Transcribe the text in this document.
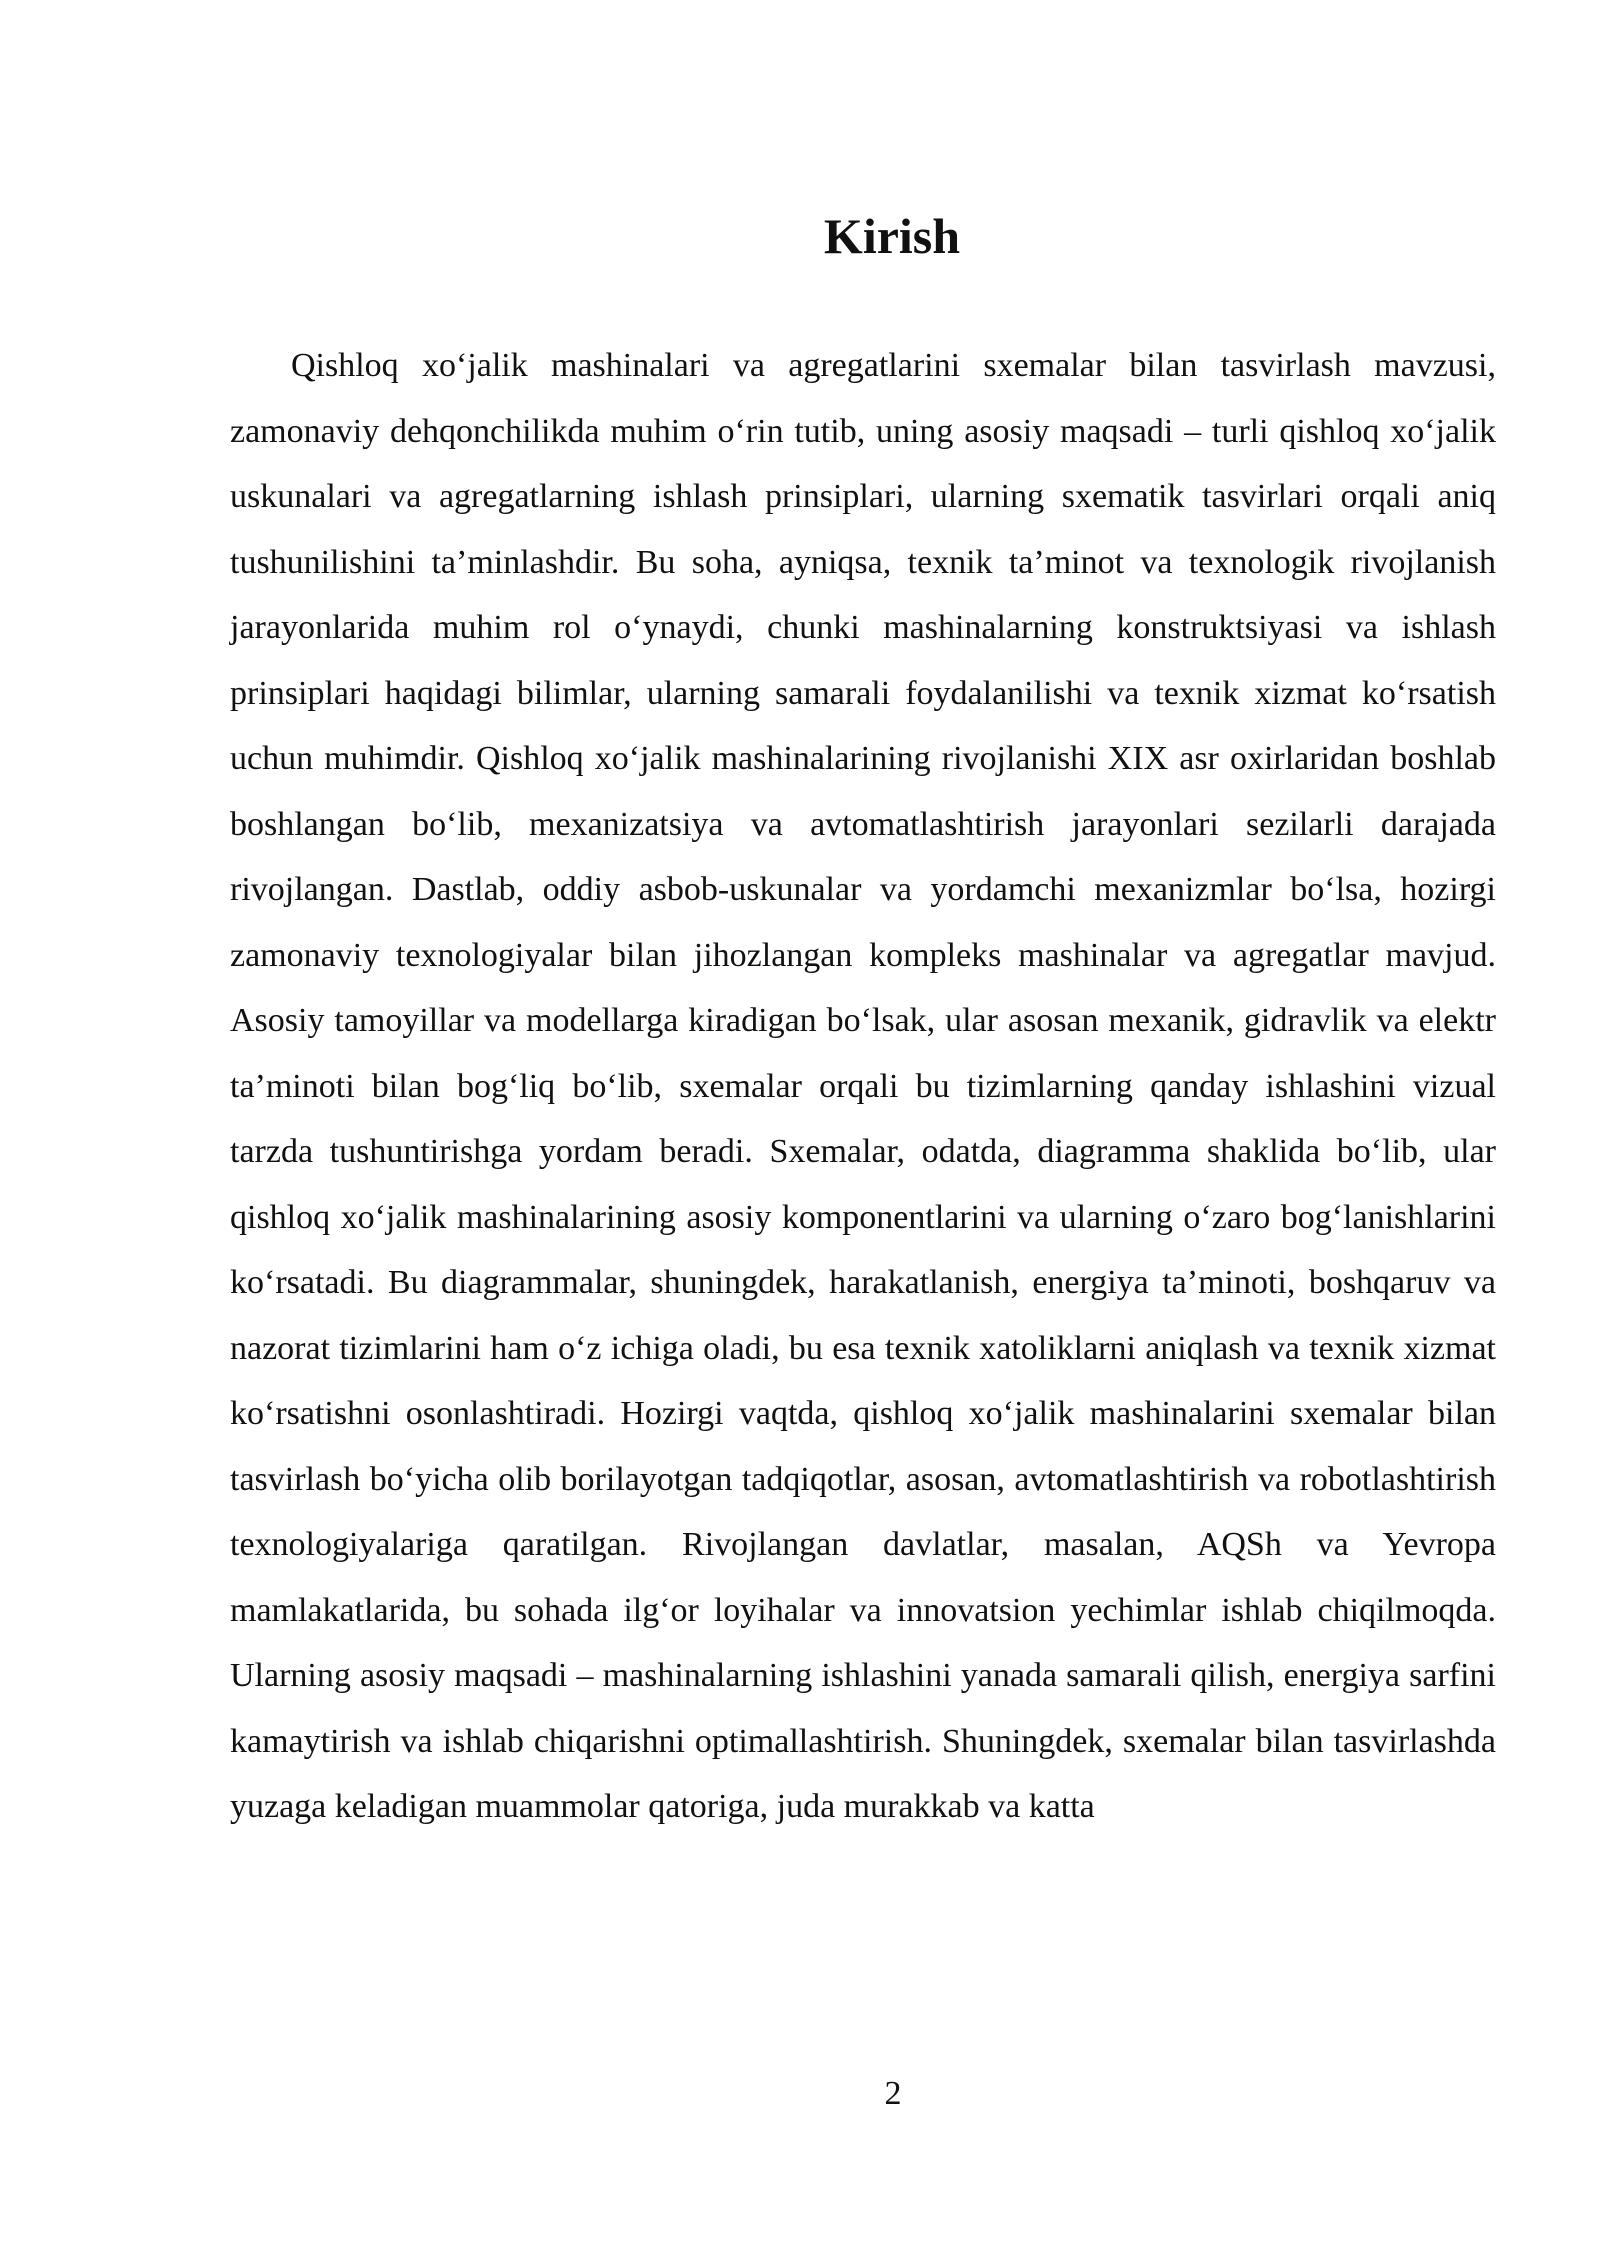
Kirish

Qishloq xo‘jalik mashinalari va agregatlarini sxemalar bilan tasvirlash mavzusi, zamonaviy dehqonchilikda muhim o‘rin tutib, uning asosiy maqsadi – turli qishloq xo‘jalik uskunalari va agregatlarning ishlash prinsiplari, ularning sxematik tasvirlari orqali aniq tushunilishini ta’minlashdir. Bu soha, ayniqsa, texnik ta’minot va texnologik rivojlanish jarayonlarida muhim rol o‘ynaydi, chunki mashinalarning konstruktsiyasi va ishlash prinsiplari haqidagi bilimlar, ularning samarali foydalanilishi va texnik xizmat ko‘rsatish uchun muhimdir. Qishloq xo‘jalik mashinalarining rivojlanishi XIX asr oxirlaridan boshlab boshlangan bo‘lib, mexanizatsiya va avtomatlashtirish jarayonlari sezilarli darajada rivojlangan. Dastlab, oddiy asbob-uskunalar va yordamchi mexanizmlar bo‘lsa, hozirgi zamonaviy texnologiyalar bilan jihozlangan kompleks mashinalar va agregatlar mavjud. Asosiy tamoyillar va modellarga kiradigan bo‘lsak, ular asosan mexanik, gidravlik va elektr ta’minoti bilan bog‘liq bo‘lib, sxemalar orqali bu tizimlarning qanday ishlashini vizual tarzda tushuntirishga yordam beradi. Sxemalar, odatda, diagramma shaklida bo‘lib, ular qishloq xo‘jalik mashinalarining asosiy komponentlarini va ularning o‘zaro bog‘lanishlarini ko‘rsatadi. Bu diagrammalar, shuningdek, harakatlanish, energiya ta’minoti, boshqaruv va nazorat tizimlarini ham o‘z ichiga oladi, bu esa texnik xatoliklarni aniqlash va texnik xizmat ko‘rsatishni osonlashtiradi. Hozirgi vaqtda, qishloq xo‘jalik mashinalarini sxemalar bilan tasvirlash bo‘yicha olib borilayotgan tadqiqotlar, asosan, avtomatlashtirish va robotlashtirish texnologiyalariga qaratilgan. Rivojlangan davlatlar, masalan, AQSh va Yevropa mamlakatlarida, bu sohada ilg‘or loyihalar va innovatsion yechimlar ishlab chiqilmoqda. Ularning asosiy maqsadi – mashinalarning ishlashini yanada samarali qilish, energiya sarfini kamaytirish va ishlab chiqarishni optimallashtirish. Shuningdek, sxemalar bilan tasvirlashda yuzaga keladigan muammolar qatoriga, juda murakkab va katta

2
